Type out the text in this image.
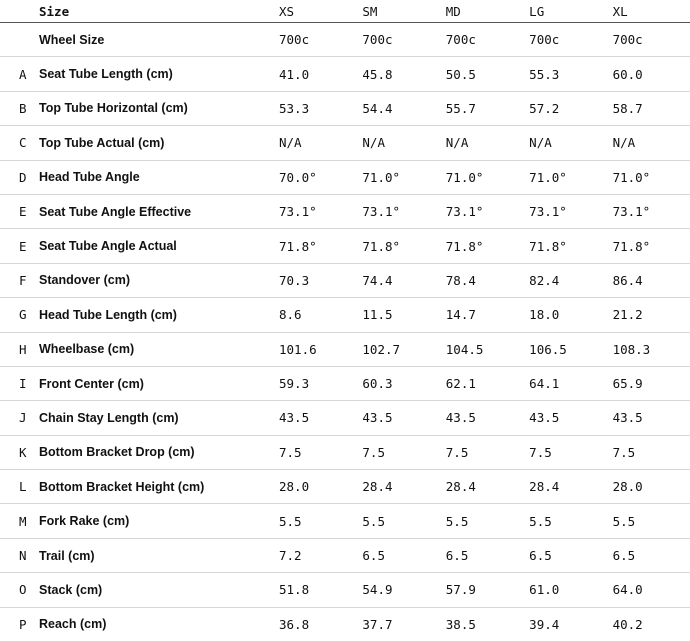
	Size	XS	SM	MD	LG	XL
	Wheel Size	700c	700c	700c	700c	700c
A	Seat Tube Length (cm)	41.0	45.8	50.5	55.3	60.0
B	Top Tube Horizontal (cm)	53.3	54.4	55.7	57.2	58.7
C	Top Tube Actual (cm)	N/A	N/A	N/A	N/A	N/A
D	Head Tube Angle	70.0°	71.0°	71.0°	71.0°	71.0°
E	Seat Tube Angle Effective	73.1°	73.1°	73.1°	73.1°	73.1°
E	Seat Tube Angle Actual	71.8°	71.8°	71.8°	71.8°	71.8°
F	Standover (cm)	70.3	74.4	78.4	82.4	86.4
G	Head Tube Length (cm)	8.6	11.5	14.7	18.0	21.2
H	Wheelbase (cm)	101.6	102.7	104.5	106.5	108.3
I	Front Center (cm)	59.3	60.3	62.1	64.1	65.9
J	Chain Stay Length (cm)	43.5	43.5	43.5	43.5	43.5
K	Bottom Bracket Drop (cm)	7.5	7.5	7.5	7.5	7.5
L	Bottom Bracket Height (cm)	28.0	28.4	28.4	28.4	28.0
M	Fork Rake (cm)	5.5	5.5	5.5	5.5	5.5
N	Trail (cm)	7.2	6.5	6.5	6.5	6.5
O	Stack (cm)	51.8	54.9	57.9	61.0	64.0
P	Reach (cm)	36.8	37.7	38.5	39.4	40.2
